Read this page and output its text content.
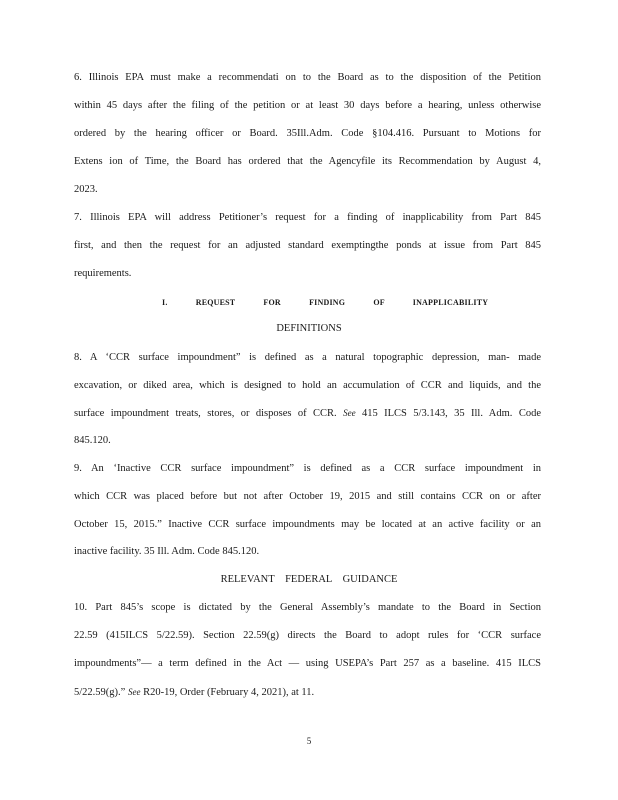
6. Illinois EPA must make a recommendati on to the Board as to the disposition of the Petition
within 45 days after the filing of the petition or at least 30 days before a hearing, unless otherwise
ordered by the hearing officer or Board. 35Ill.Adm. Code §104.416. Pursuant to Motions for
Extens ion of Time, the Board has ordered that the Agencyfile its Recommendation by August 4,
2023.
7. Illinois EPA will address Petitioner’s request for a finding of inapplicability from Part 845
first, and then the request for an adjusted standard exemptingthe ponds at issue from Part 845
requirements.
I. REQUEST FOR FINDING OF INAPPLICABILITY
DEFINITIONS
8. A ‘CCR surface impoundment” is defined as a natural topographic depression, man- made
excavation, or diked area, which is designed to hold an accumulation of CCR and liquids, and the
surface impoundment treats, stores, or disposes of CCR. See 415 ILCS 5/3.143, 35 Ill. Adm. Code
845.120.
9. An ‘Inactive CCR surface impoundment” is defined as a CCR surface impoundment in
which CCR was placed before but not after October 19, 2015 and still contains CCR on or after
October 15, 2015.” Inactive CCR surface impoundments may be located at an active facility or an
inactive facility. 35 Ill. Adm. Code 845.120.
RELEVANT FEDERAL GUIDANCE
10. Part 845’s scope is dictated by the General Assembly’s mandate to the Board in Section
22.59 (415ILCS 5/22.59). Section 22.59(g) directs the Board to adopt rules for ‘CCR surface
impoundments”— a term defined in the Act — using USEPA’s Part 257 as a baseline. 415 ILCS
5/22.59(g).” See R20-19, Order (February 4, 2021), at 11.
5
